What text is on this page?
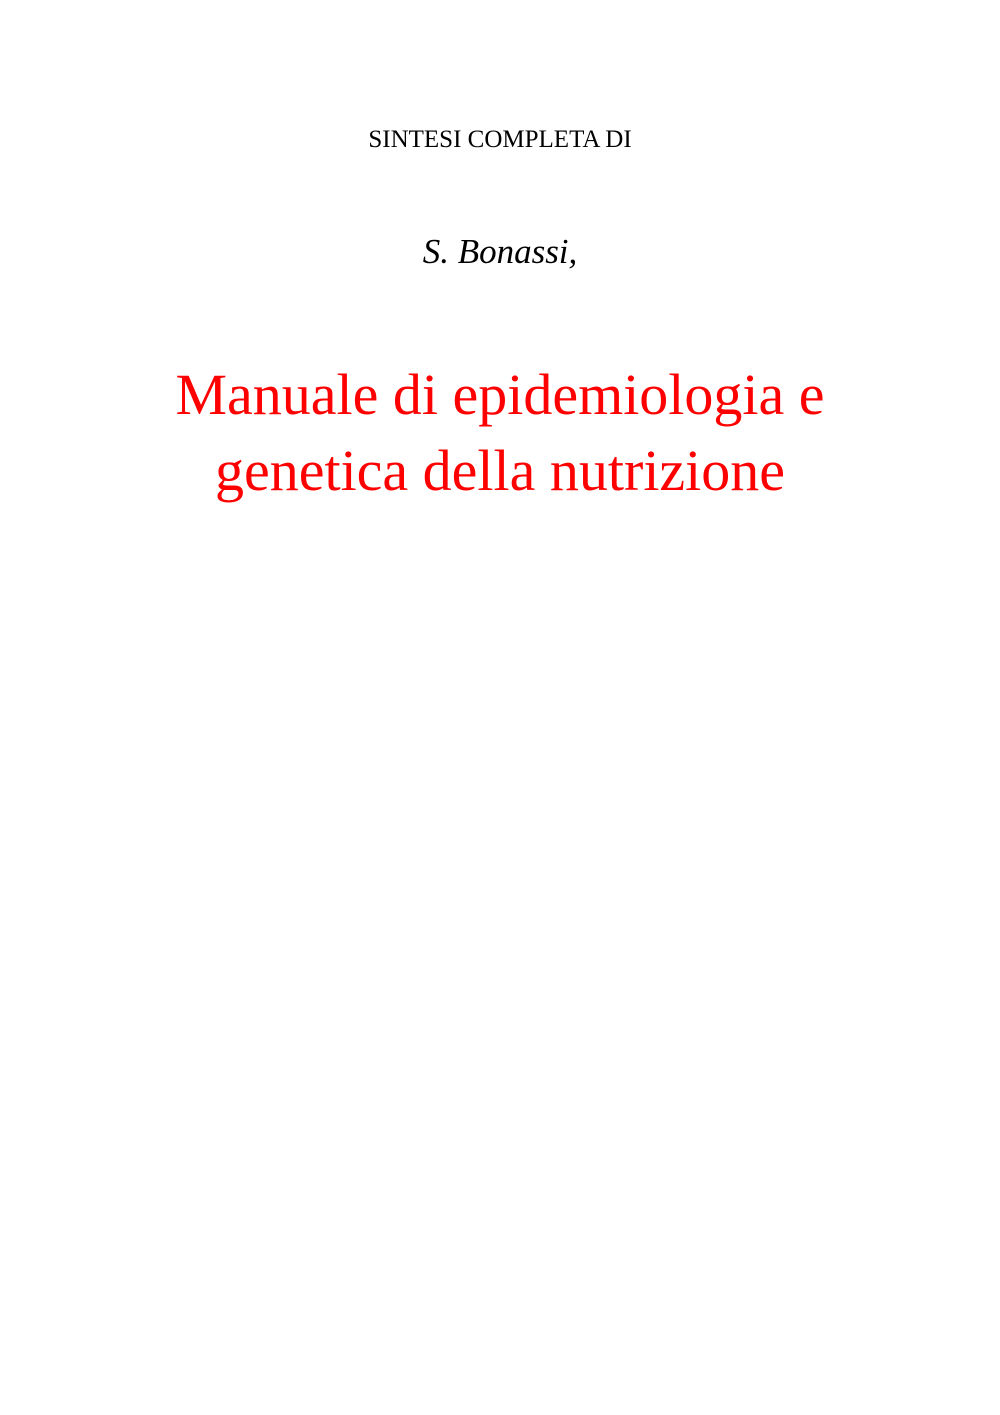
SINTESI COMPLETA DI
S. Bonassi,
Manuale di epidemiologia e
genetica della nutrizione
